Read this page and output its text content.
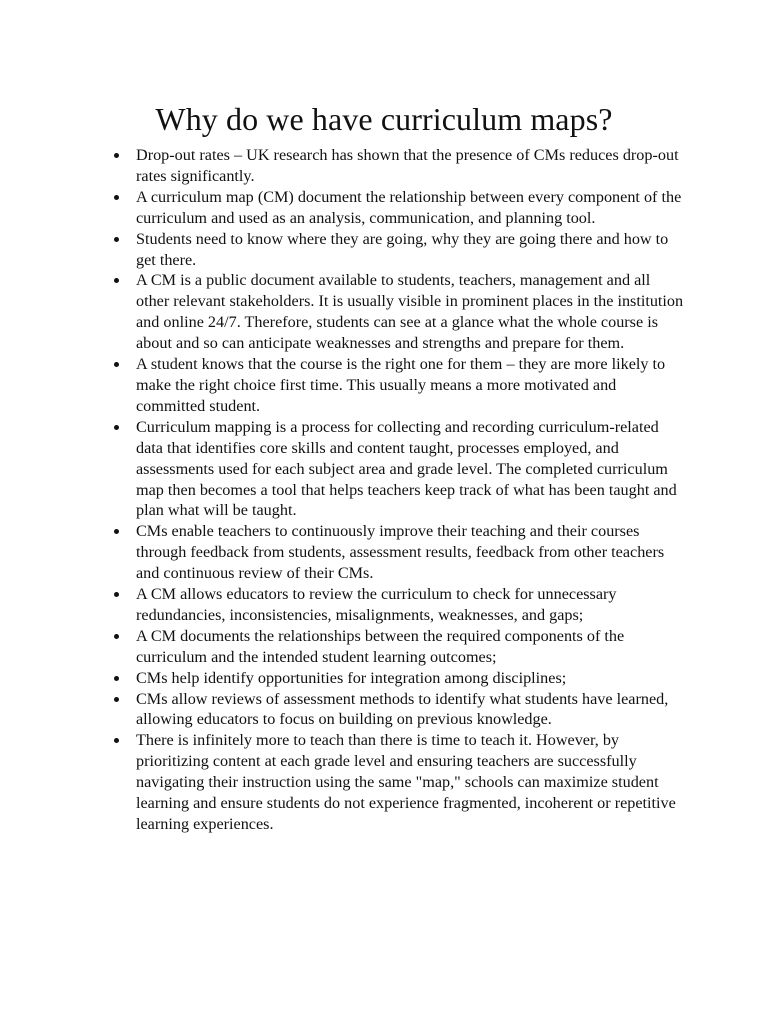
Why do we have curriculum maps?
Drop-out rates – UK research has shown that the presence of CMs reduces drop-out rates significantly.
A curriculum map (CM) document the relationship between every component of the curriculum and used as an analysis, communication, and planning tool.
Students need to know where they are going, why they are going there and how to get there.
A CM is a public document available to students, teachers, management and all other relevant stakeholders. It is usually visible in prominent places in the institution and online 24/7. Therefore, students can see at a glance what the whole course is about and so can anticipate weaknesses and strengths and prepare for them.
A student knows that the course is the right one for them – they are more likely to make the right choice first time. This usually means a more motivated and committed student.
Curriculum mapping is a process for collecting and recording curriculum-related data that identifies core skills and content taught, processes employed, and assessments used for each subject area and grade level. The completed curriculum map then becomes a tool that helps teachers keep track of what has been taught and plan what will be taught.
CMs enable teachers to continuously improve their teaching and their courses through feedback from students, assessment results, feedback from other teachers and continuous review of their CMs.
A CM allows educators to review the curriculum to check for unnecessary redundancies, inconsistencies, misalignments, weaknesses, and gaps;
A CM documents the relationships between the required components of the curriculum and the intended student learning outcomes;
CMs help identify opportunities for integration among disciplines;
CMs allow reviews of assessment methods to identify what students have learned, allowing educators to focus on building on previous knowledge.
There is infinitely more to teach than there is time to teach it. However, by prioritizing content at each grade level and ensuring teachers are successfully navigating their instruction using the same "map," schools can maximize student learning and ensure students do not experience fragmented, incoherent or repetitive learning experiences.
